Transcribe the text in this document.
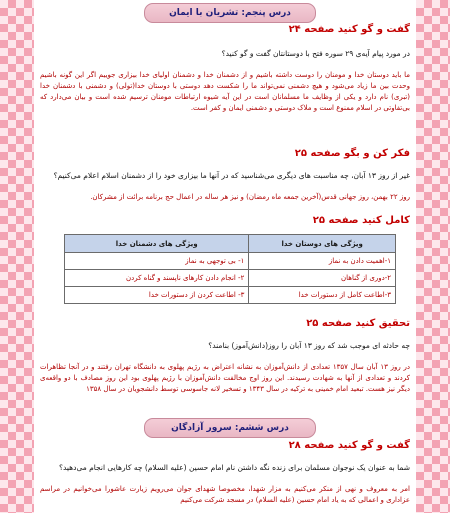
درس پنجم: تشریان با ایمان
گفت و گو کنید صفحه ۲۴
در مورد پیام آیه‌ی ۲۹ سوره فتح با دوستانتان گفت و گو کنید؟
ما باید دوستان خدا و مومنان را دوست داشته باشیم و از دشمنان خدا و دشمنان اولیای خدا بیزاری جوییم اگر این گونه باشیم وحدت بین ما زیاد می‌شود و هیچ دشمنی نمی‌تواند ما را شکست دهد دوستی با دوستان خدا(تولی) و دشمنی با دشمنان خدا (تبری) نام دارد و یکی از وظایف ما مسلمانان است در این آیه شیوه ارتباطات مومنان ترسیم شده است و بیان می‌دارد که بی‌تفاوتی در اسلام ممنوع است و ملاک دوستی و دشمنی ایمان و کفر است.
فکر کن و بگو صفحه ۲۵
غیر از روز ۱۳ آبان، چه مناسبت های دیگری می‌شناسید که در آنها ما بیزاری خود را از دشمنان اسلام اعلام می‌کنیم؟
روز ۲۲ بهمن، روز جهانی قدس(آخرین جمعه ماه رمضان) و نیز هر ساله در اعمال حج برنامه برائت از مشرکان.
کامل کنید صفحه ۲۵
ویژگی های دوستان خدا	ویژگی های دشمنان خدا
۱-اهمیت دادن به نماز	۱- بی توجهی به نماز
۲-دوری از گناهان	۲- انجام دادن کارهای ناپسند و گناه کردن
۳-اطاعت کامل از دستورات خدا	۳- اطاعت کردن از دستورات خدا
تحقیق کنید صفحه ۲۵
چه حادثه ای موجب شد که روز ۱۳ آبان را روز(دانش‌آموز) بنامند؟
در روز ۱۳ آبان سال ۱۳۵۷ تعدادی از دانش‌آموزان به نشانه اعتراض به رژیم پهلوی به دانشگاه تهران رفتند و در آنجا تظاهرات کردند و تعدادی از آنها به شهادت رسیدند. این روز اوج مخالفت دانش‌آموزان با رژیم پهلوی بود این روز مصادف با دو واقعه‌ی دیگر نیز هست. تبعید امام خمینی به ترکیه در سال ۱۳۴۳ و تسخیر لانه جاسوسی توسط دانشجویان در سال ۱۳۵۸
درس ششم: سرور آزادگان
گفت و گو کنید صفحه ۲۸
شما به عنوان یک نوجوان مسلمان برای زنده نگه داشتن نام امام حسین (علیه السلام) چه کارهایی انجام می‌دهید؟
امر به معروف و نهی از منکر می‌کنیم به مزار شهدا، مخصوصا شهدای جوان می‌رویم زیارت عاشورا می‌خوانیم در مراسم عزاداری و اعمالی که به یاد امام حسین (علیه السلام) در مسجد شرکت می‌کنیم
